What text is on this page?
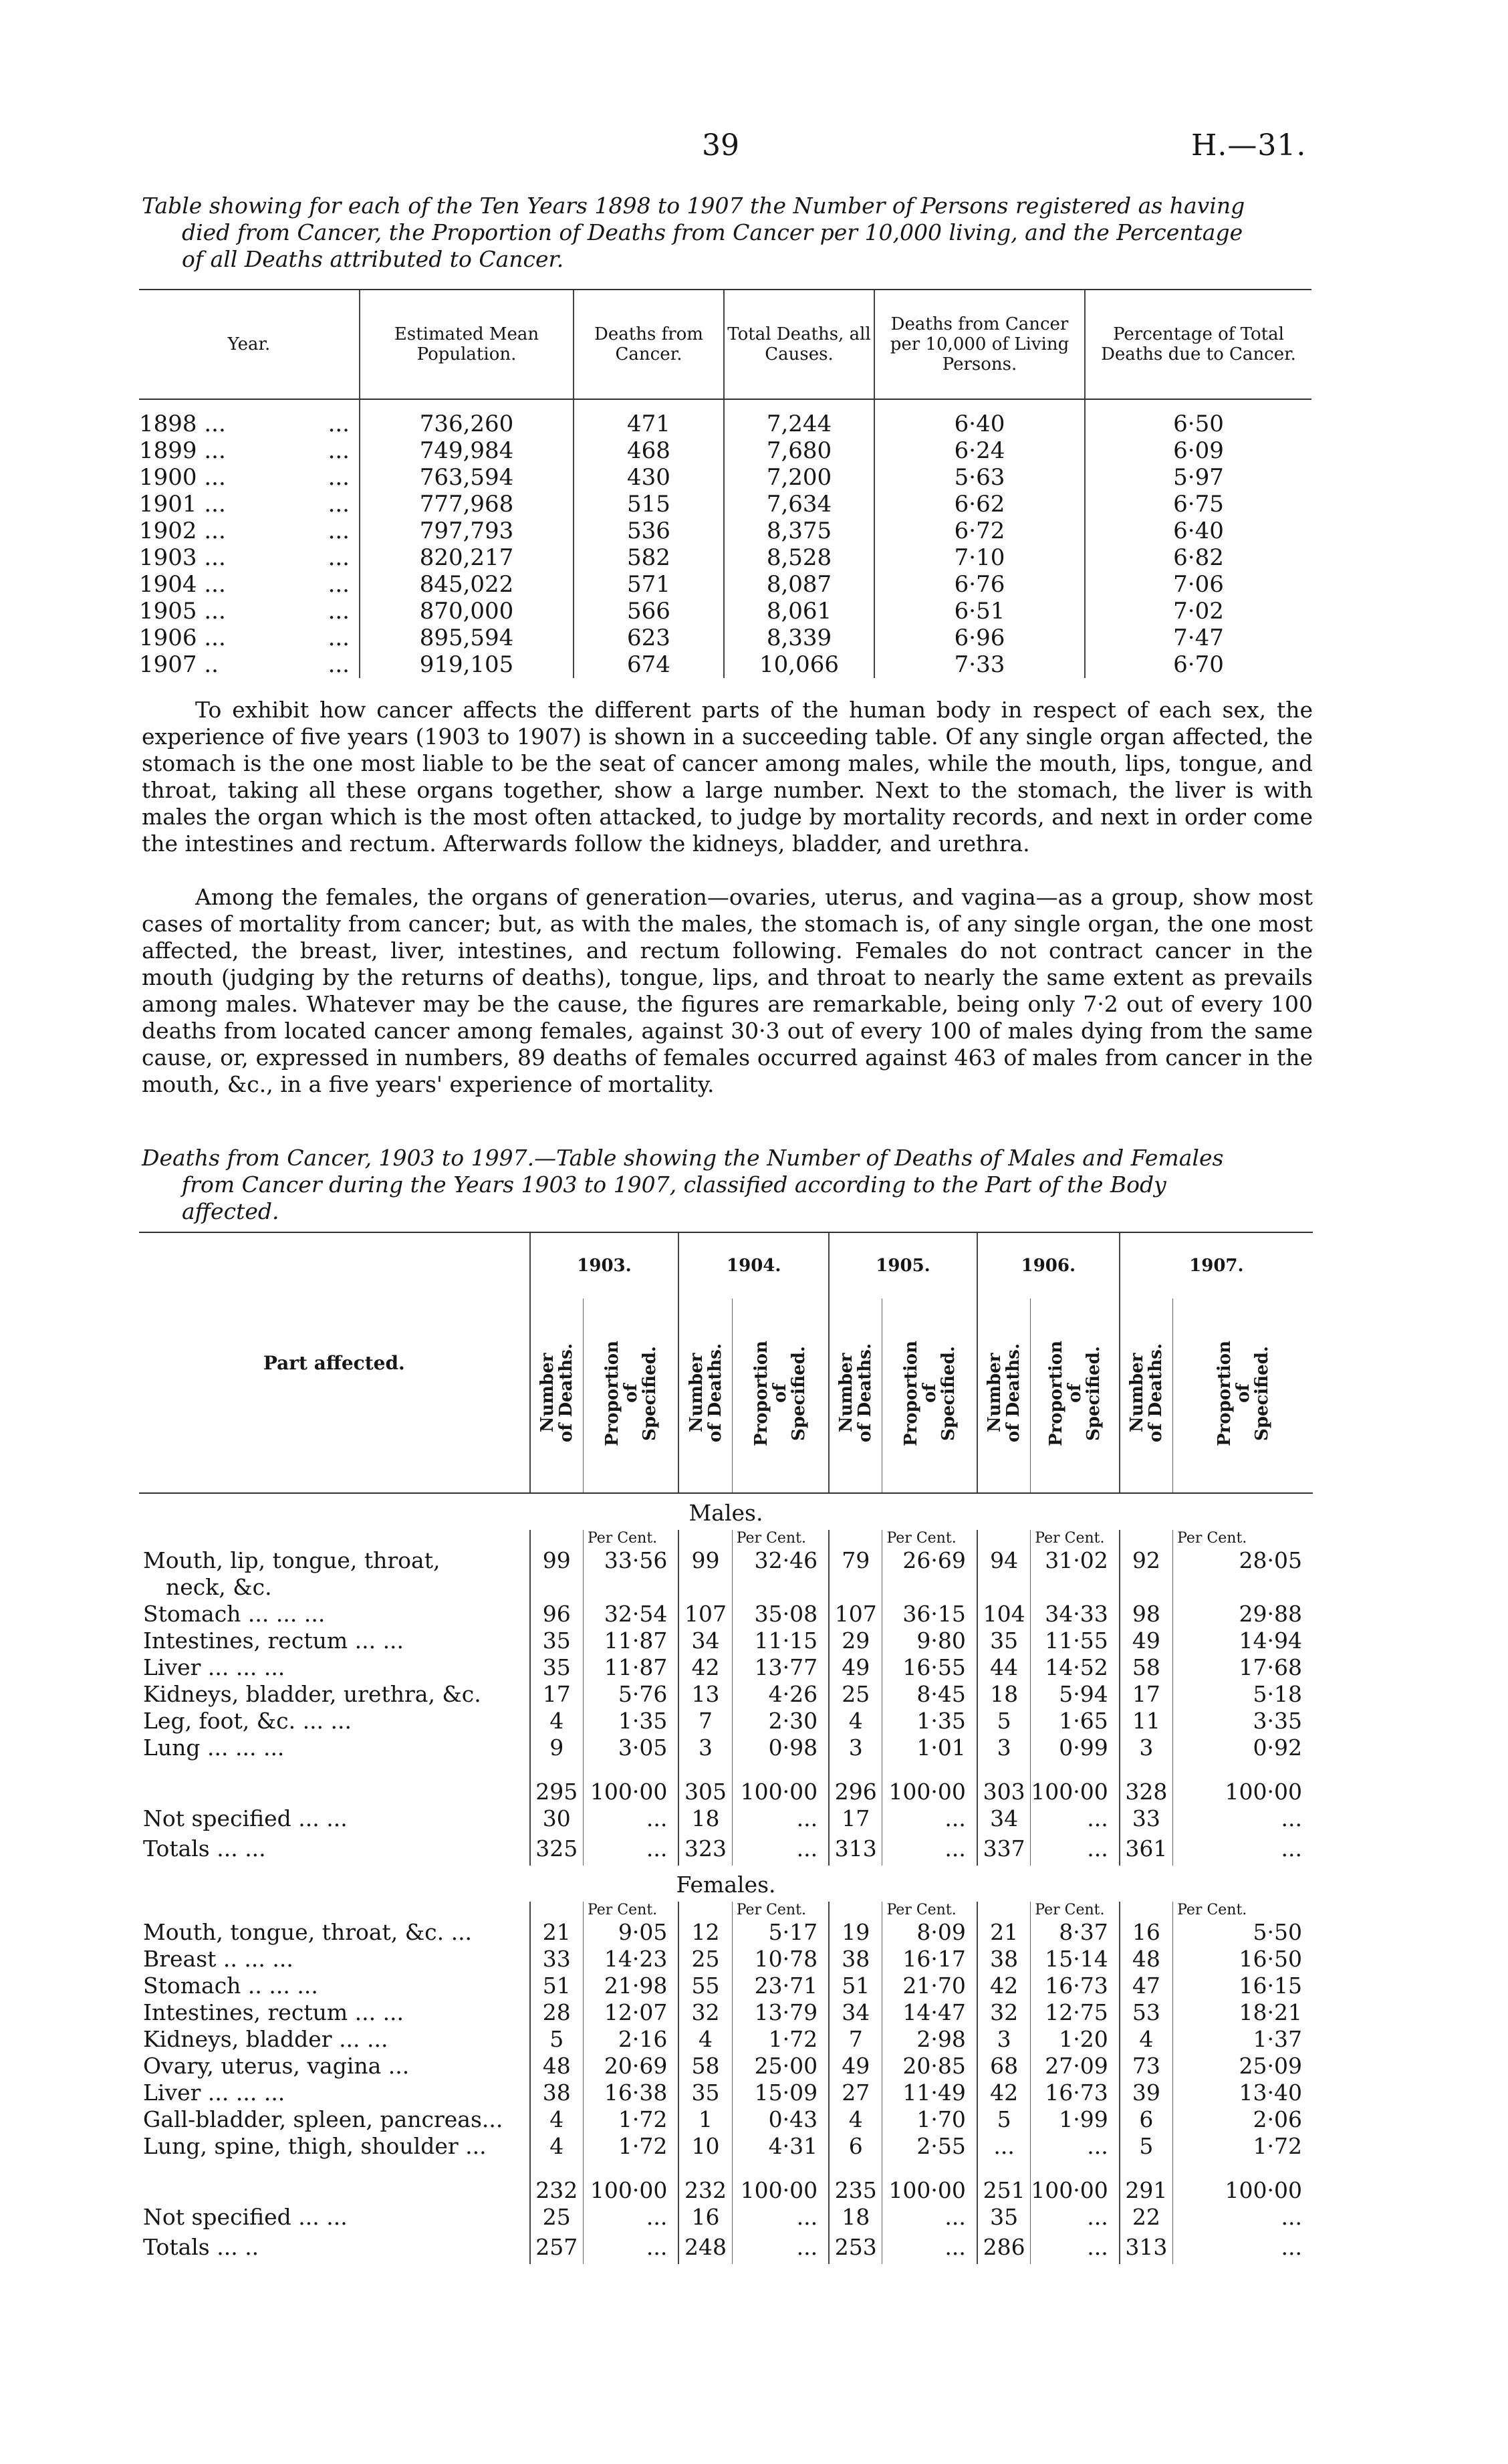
39	H.—31.
Table showing for each of the Ten Years 1898 to 1907 the Number of Persons registered as having
died from Cancer, the Proportion of Deaths from Cancer per 10,000 living, and the Percentage
of all Deaths attributed to Cancer.
Year.	Estimated Mean Population.	Deaths from Cancer.	Total Deaths, all Causes.	Deaths from Cancer per 10,000 of Living Persons.	Percentage of Total Deaths due to Cancer.
1898 ... ...	736,260	471	7,244	6·40	6·50
1899 ... ...	749,984	468	7,680	6·24	6·09
1900 ... ...	763,594	430	7,200	5·63	5·97
1901 ... ...	777,968	515	7,634	6·62	6·75
1902 ... ...	797,793	536	8,375	6·72	6·40
1903 ... ...	820,217	582	8,528	7·10	6·82
1904 ... ...	845,022	571	8,087	6·76	7·06
1905 ... ...	870,000	566	8,061	6·51	7·02
1906 ... ...	895,594	623	8,339	6·96	7·47
1907 .. ...	919,105	674	10,066	7·33	6·70
To exhibit how cancer affects the different parts of the human body in respect of each sex, the experience of five years (1903 to 1907) is shown in a succeeding table. Of any single organ affected, the stomach is the one most liable to be the seat of cancer among males, while the mouth, lips, tongue, and throat, taking all these organs together, show a large number. Next to the stomach, the liver is with males the organ which is the most often attacked, to judge by mortality records, and next in order come the intestines and rectum. Afterwards follow the kidneys, bladder, and urethra.
Among the females, the organs of generation—ovaries, uterus, and vagina—as a group, show most cases of mortality from cancer; but, as with the males, the stomach is, of any single organ, the one most affected, the breast, liver, intestines, and rectum following. Females do not contract cancer in the mouth (judging by the returns of deaths), tongue, lips, and throat to nearly the same extent as prevails among males. Whatever may be the cause, the figures are remarkable, being only 7·2 out of every 100 deaths from located cancer among females, against 30·3 out of every 100 of males dying from the same cause, or, expressed in numbers, 89 deaths of females occurred against 463 of males from cancer in the mouth, &c., in a five years' experience of mortality.
Deaths from Cancer, 1903 to 1997.—Table showing the Number of Deaths of Males and Females
from Cancer during the Years 1903 to 1907, classified according to the Part of the Body
affected.
Part affected.	1903.		1904.		1905.		1906.		1907.	
	Number
of Deaths.	Proportion
of
Specified.	Number
of Deaths.	Proportion
of
Specified.	Number
of Deaths.	Proportion
of
Specified.	Number
of Deaths.	Proportion
of
Specified.	Number
of Deaths.	Proportion
of
Specified.
Males.										
		Per Cent.		Per Cent.		Per Cent.		Per Cent.		Per Cent.
Mouth, lip, tongue, throat,	99	33·56	99	32·46	79	26·69	94	31·02	92	28·05
neck, &c.										
Stomach ... ... ...	96	32·54	107	35·08	107	36·15	104	34·33	98	29·88
Intestines, rectum ... ...	35	11·87	34	11·15	29	9·80	35	11·55	49	14·94
Liver ... ... ...	35	11·87	42	13·77	49	16·55	44	14·52	58	17·68
Kidneys, bladder, urethra, &c.	17	5·76	13	4·26	25	8·45	18	5·94	17	5·18
Leg, foot, &c. ... ...	4	1·35	7	2·30	4	1·35	5	1·65	11	3·35
Lung ... ... ...	9	3·05	3	0·98	3	1·01	3	0·99	3	0·92

	295	100·00	305	100·00	296	100·00	303	100·00	328	100·00
Not specified ... ...	30	...	18	...	17	...	34	...	33	...
Totals ... ...	325	...	323	...	313	...	337	...	361	...
Females.										
		Per Cent.		Per Cent.		Per Cent.		Per Cent.		Per Cent.
Mouth, tongue, throat, &c. ...	21	9·05	12	5·17	19	8·09	21	8·37	16	5·50
Breast .. ... ...	33	14·23	25	10·78	38	16·17	38	15·14	48	16·50
Stomach .. ... ...	51	21·98	55	23·71	51	21·70	42	16·73	47	16·15
Intestines, rectum ... ...	28	12·07	32	13·79	34	14·47	32	12·75	53	18·21
Kidneys, bladder ... ...	5	2·16	4	1·72	7	2·98	3	1·20	4	1·37
Ovary, uterus, vagina ...	48	20·69	58	25·00	49	20·85	68	27·09	73	25·09
Liver ... ... ...	38	16·38	35	15·09	27	11·49	42	16·73	39	13·40
Gall-bladder, spleen, pancreas...	4	1·72	1	0·43	4	1·70	5	1·99	6	2·06
Lung, spine, thigh, shoulder ...	4	1·72	10	4·31	6	2·55	...	...	5	1·72

	232	100·00	232	100·00	235	100·00	251	100·00	291	100·00
Not specified ... ...	25	...	16	...	18	...	35	...	22	...
Totals ... ..	257	...	248	...	253	...	286	...	313	...
